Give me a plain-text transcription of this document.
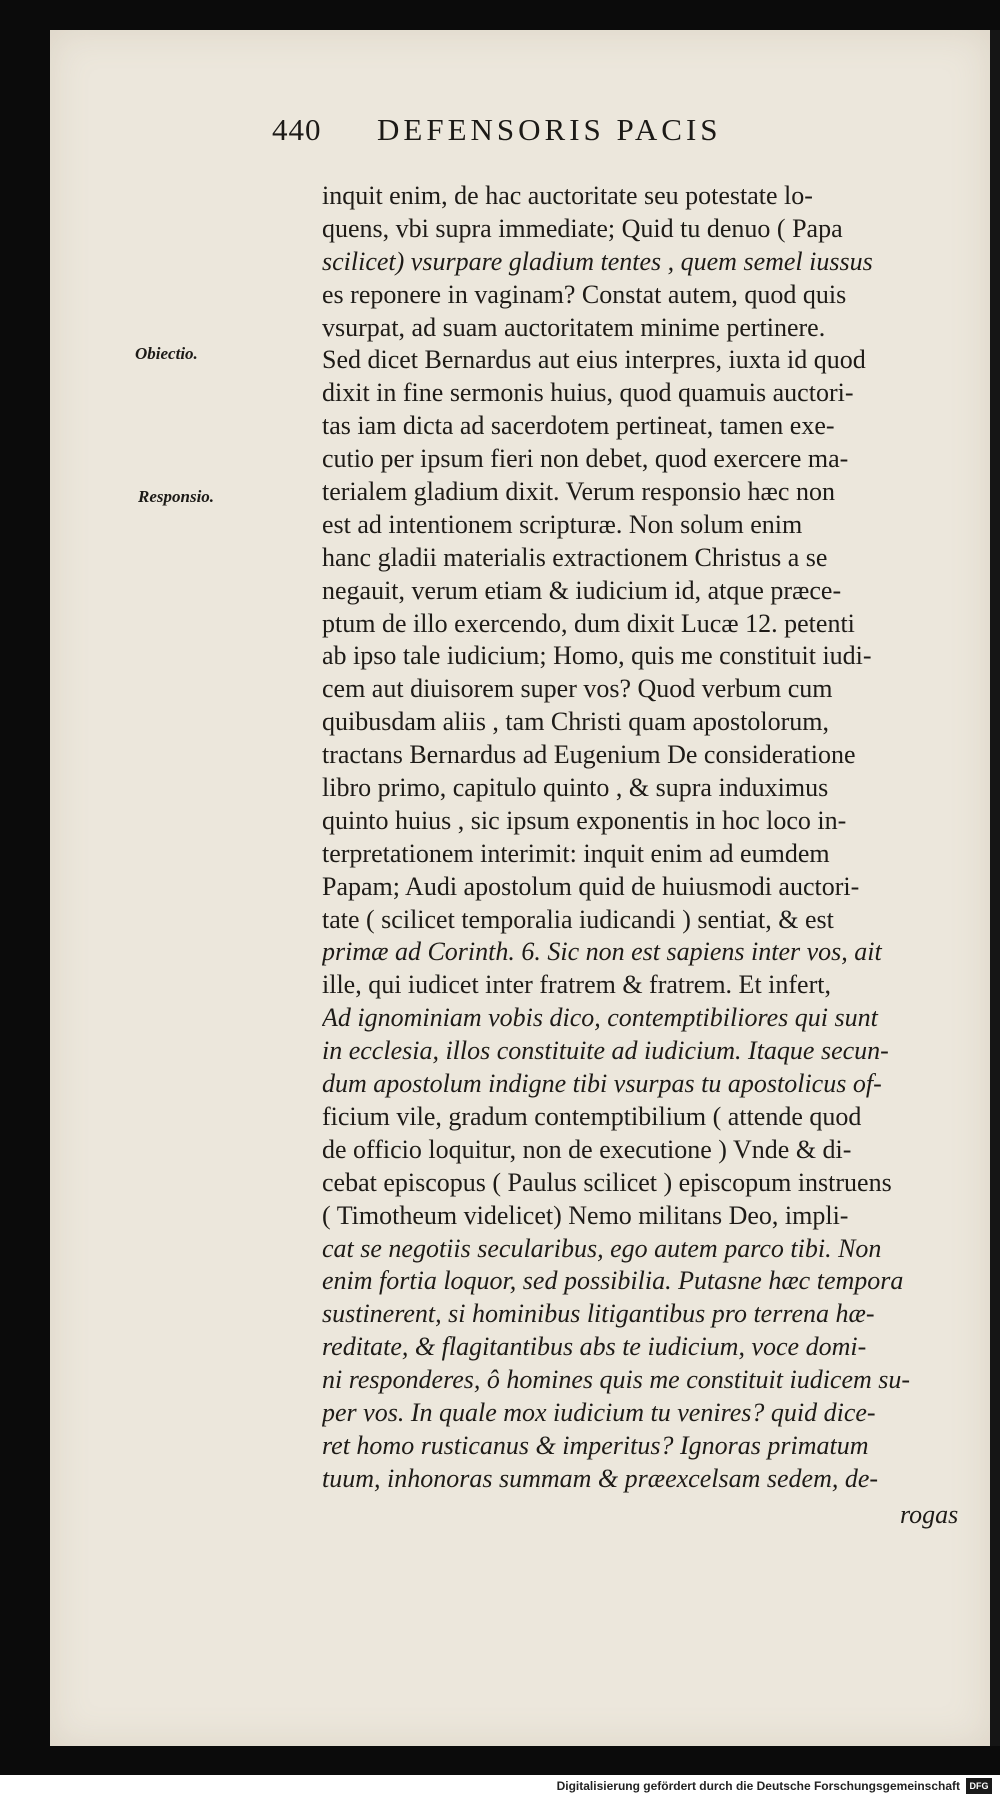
440 DEFENSORIS PACIS
Obiectio.
Responsio.
inquit enim, de hac auctoritate seu potestate lo-
quens, vbi supra immediate; Quid tu denuo ( Papa
scilicet) vsurpare gladium tentes , quem semel iussus
es reponere in vaginam? Constat autem, quod quis
vsurpat, ad suam auctoritatem minime pertinere.
Sed dicet Bernardus aut eius interpres, iuxta id quod
dixit in fine sermonis huius, quod quamuis auctori-
tas iam dicta ad sacerdotem pertineat, tamen exe-
cutio per ipsum fieri non debet, quod exercere ma-
terialem gladium dixit. Verum responsio hæc non
est ad intentionem scripturæ. Non solum enim
hanc gladii materialis extractionem Christus a se
negauit, verum etiam & iudicium id, atque præce-
ptum de illo exercendo, dum dixit Lucæ 12. petenti
ab ipso tale iudicium; Homo, quis me constituit iudi-
cem aut diuisorem super vos? Quod verbum cum
quibusdam aliis , tam Christi quam apostolorum,
tractans Bernardus ad Eugenium De consideratione
libro primo, capitulo quinto , & supra induximus
quinto huius , sic ipsum exponentis in hoc loco in-
terpretationem interimit: inquit enim ad eumdem
Papam; Audi apostolum quid de huiusmodi auctori-
tate ( scilicet temporalia iudicandi ) sentiat, & est
primæ ad Corinth. 6. Sic non est sapiens inter vos, ait
ille, qui iudicet inter fratrem & fratrem. Et infert,
Ad ignominiam vobis dico, contemptibiliores qui sunt
in ecclesia, illos constituite ad iudicium. Itaque secun-
dum apostolum indigne tibi vsurpas tu apostolicus of-
ficium vile, gradum contemptibilium ( attende quod
de officio loquitur, non de executione ) Vnde & di-
cebat episcopus ( Paulus scilicet ) episcopum instruens
( Timotheum videlicet) Nemo militans Deo, impli-
cat se negotiis secularibus, ego autem parco tibi. Non
enim fortia loquor, sed possibilia. Putasne hæc tempora
sustinerent, si hominibus litigantibus pro terrena hæ-
reditate, & flagitantibus abs te iudicium, voce domi-
ni responderes, ô homines quis me constituit iudicem su-
per vos. In quale mox iudicium tu venires? quid dice-
ret homo rusticanus & imperitus? Ignoras primatum
tuum, inhonoras summam & præexcelsam sedem, de-
rogas
Digitalisierung gefördert durch die Deutsche Forschungsgemeinschaft	DFG
